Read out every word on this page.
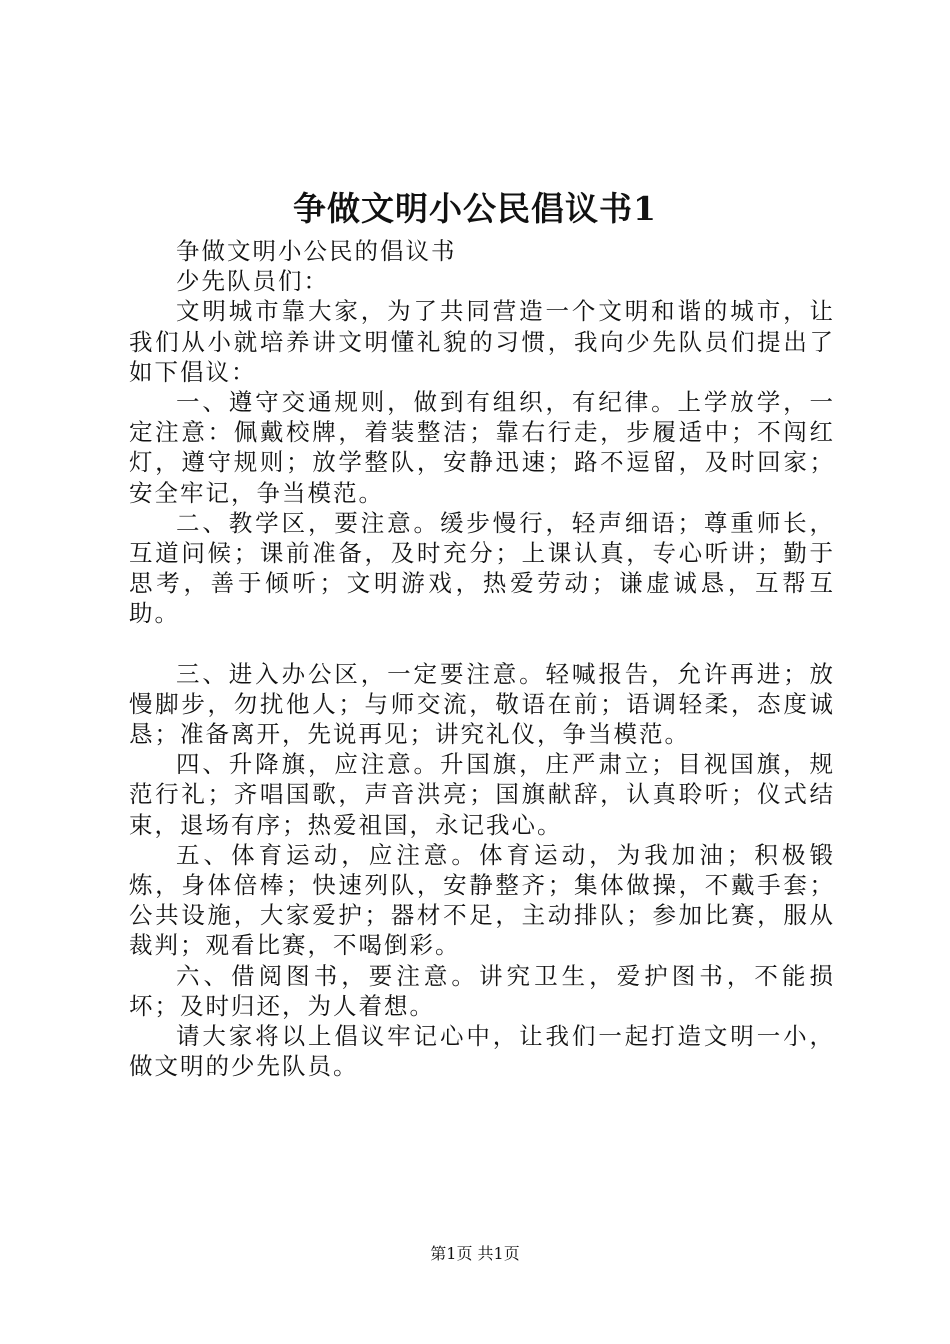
争做文明小公民倡议书1

争做文明小公民的倡议书

少先队员们：

文明城市靠大家，为了共同营造一个文明和谐的城市，让我们从小就培养讲文明懂礼貌的习惯，我向少先队员们提出了如下倡议：

一、遵守交通规则，做到有组织，有纪律。上学放学，一定注意：佩戴校牌，着装整洁；靠右行走，步履适中；不闯红灯，遵守规则；放学整队，安静迅速；路不逗留，及时回家；安全牢记，争当模范。

二、教学区，要注意。缓步慢行，轻声细语；尊重师长，互道问候；课前准备，及时充分；上课认真，专心听讲；勤于思考，善于倾听；文明游戏，热爱劳动；谦虚诚恳，互帮互助。

三、进入办公区，一定要注意。轻喊报告，允许再进；放慢脚步，勿扰他人；与师交流，敬语在前；语调轻柔，态度诚恳；准备离开，先说再见；讲究礼仪，争当模范。

四、升降旗，应注意。升国旗，庄严肃立；目视国旗，规范行礼；齐唱国歌，声音洪亮；国旗献辞，认真聆听；仪式结束，退场有序；热爱祖国，永记我心。

五、体育运动，应注意。体育运动，为我加油；积极锻炼，身体倍棒；快速列队，安静整齐；集体做操，不戴手套；公共设施，大家爱护；器材不足，主动排队；参加比赛，服从裁判；观看比赛，不喝倒彩。

六、借阅图书，要注意。讲究卫生，爱护图书，不能损坏；及时归还，为人着想。

请大家将以上倡议牢记心中，让我们一起打造文明一小，做文明的少先队员。

第1页 共1页
